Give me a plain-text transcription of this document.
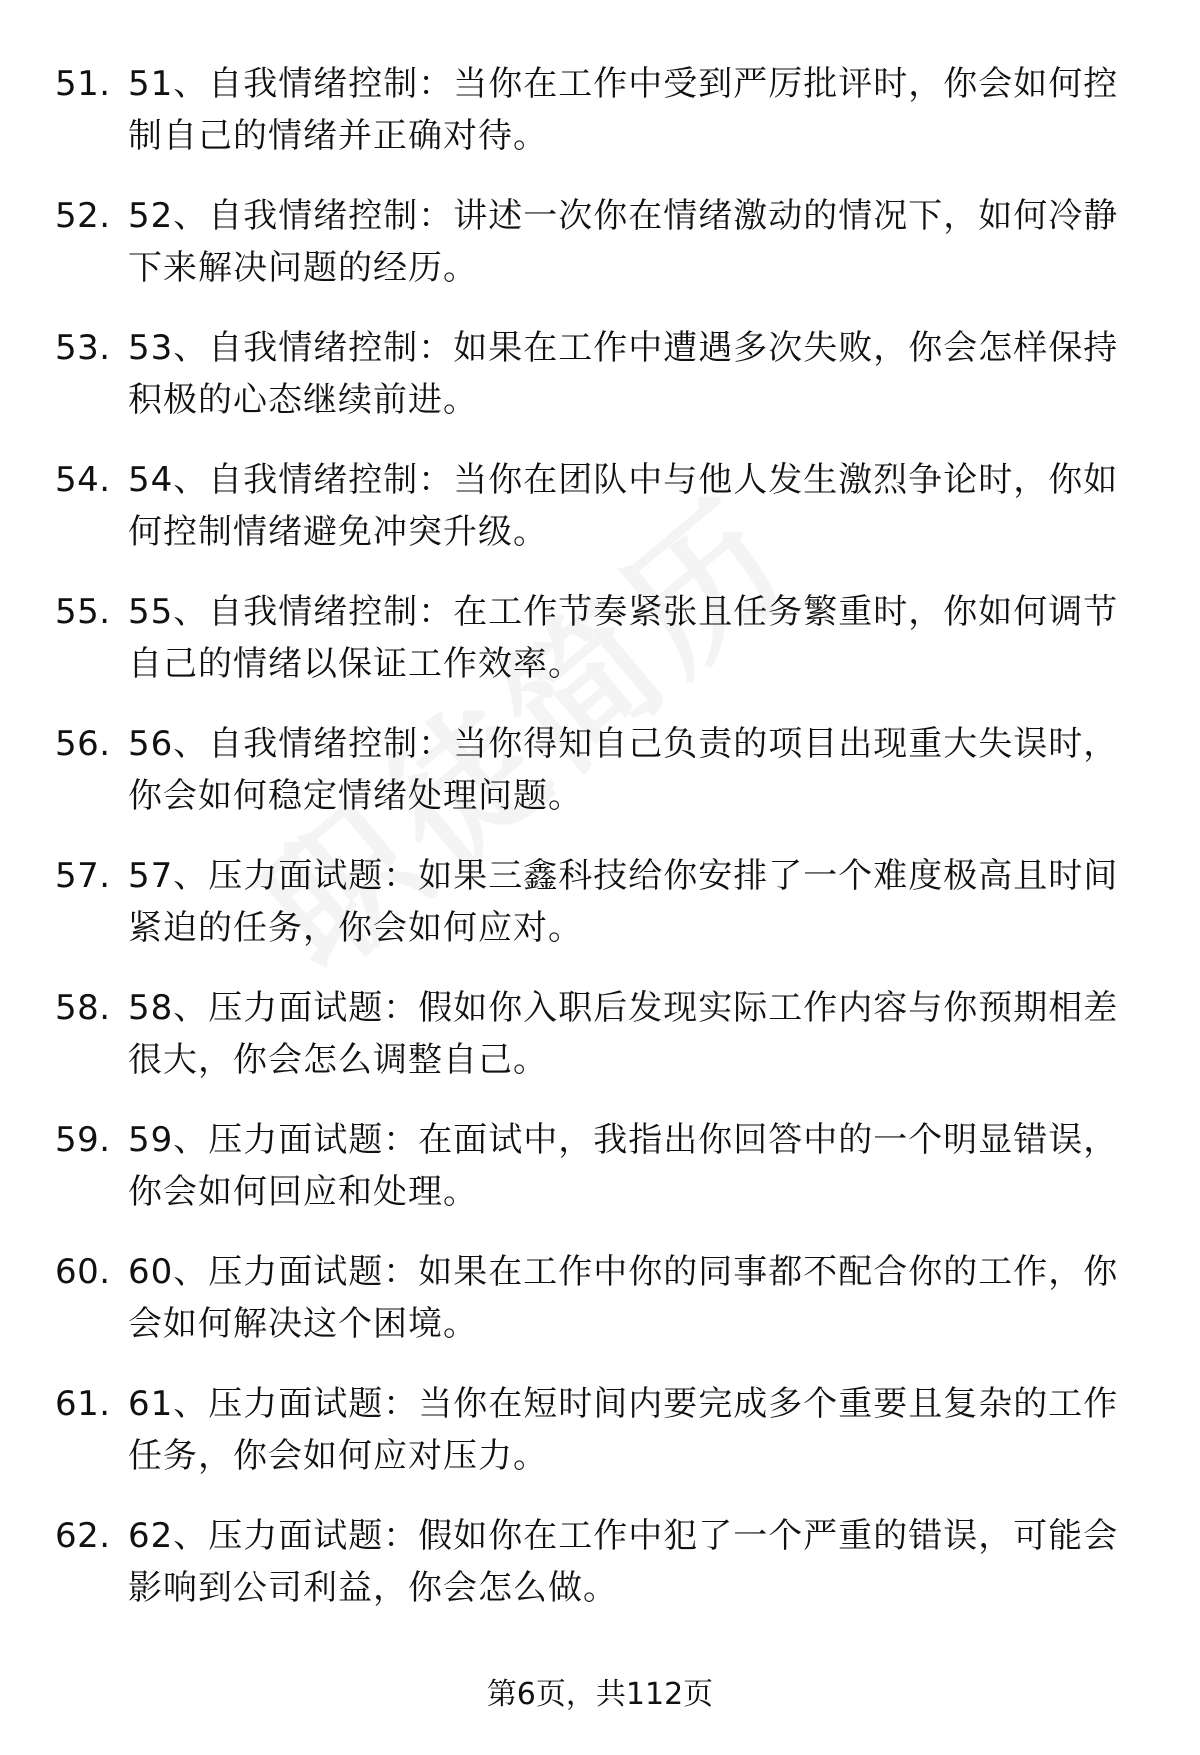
51. 51、自我情绪控制：当你在工作中受到严厉批评时，你会如何控制自己的情绪并正确对待。
52. 52、自我情绪控制：讲述一次你在情绪激动的情况下，如何冷静下来解决问题的经历。
53. 53、自我情绪控制：如果在工作中遭遇多次失败，你会怎样保持积极的心态继续前进。
54. 54、自我情绪控制：当你在团队中与他人发生激烈争论时，你如何控制情绪避免冲突升级。
55. 55、自我情绪控制：在工作节奏紧张且任务繁重时，你如何调节自己的情绪以保证工作效率。
56. 56、自我情绪控制：当你得知自己负责的项目出现重大失误时，你会如何稳定情绪处理问题。
57. 57、压力面试题：如果三鑫科技给你安排了一个难度极高且时间紧迫的任务，你会如何应对。
58. 58、压力面试题：假如你入职后发现实际工作内容与你预期相差很大，你会怎么调整自己。
59. 59、压力面试题：在面试中，我指出你回答中的一个明显错误，你会如何回应和处理。
60. 60、压力面试题：如果在工作中你的同事都不配合你的工作，你会如何解决这个困境。
61. 61、压力面试题：当你在短时间内要完成多个重要且复杂的工作任务，你会如何应对压力。
62. 62、压力面试题：假如你在工作中犯了一个严重的错误，可能会影响到公司利益，你会怎么做。
第6页，共112页
